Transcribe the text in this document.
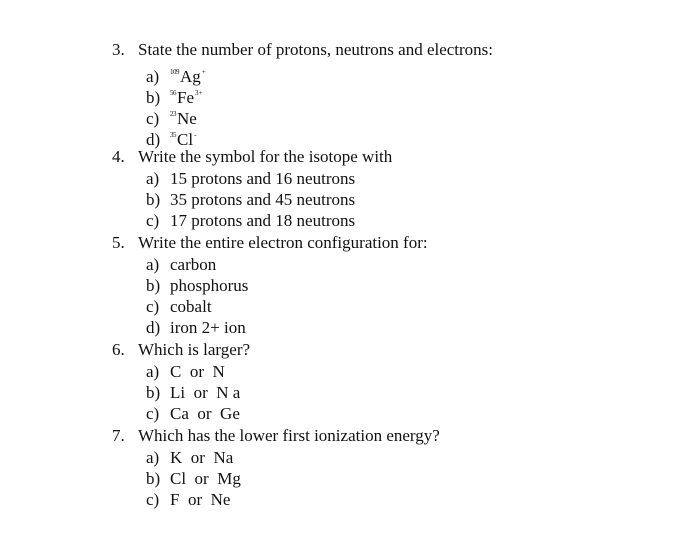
3. State the number of protons, neutrons and electrons:
a) $^{109}$Ag+
b) $^{56}Fe^{3+}$
c) $^{23}$Ne
d) $^{35}$Cl-
4. Write the symbol for the isotope with
a) 15 protons and 16 neutrons
b) 35 protons and 45 neutrons
c) 17 protons and 18 neutrons
5. Write the entire electron configuration for:
a) carbon
b) phosphorus
c) cobalt
d) iron 2+ ion
6. Which is larger?
a) C  or  N
b) Li  or  N a
c) Ca  or  Ge
7. Which has the lower first ionization energy?
a) K  or  Na
b) Cl  or  Mg
c) F  or  Ne
